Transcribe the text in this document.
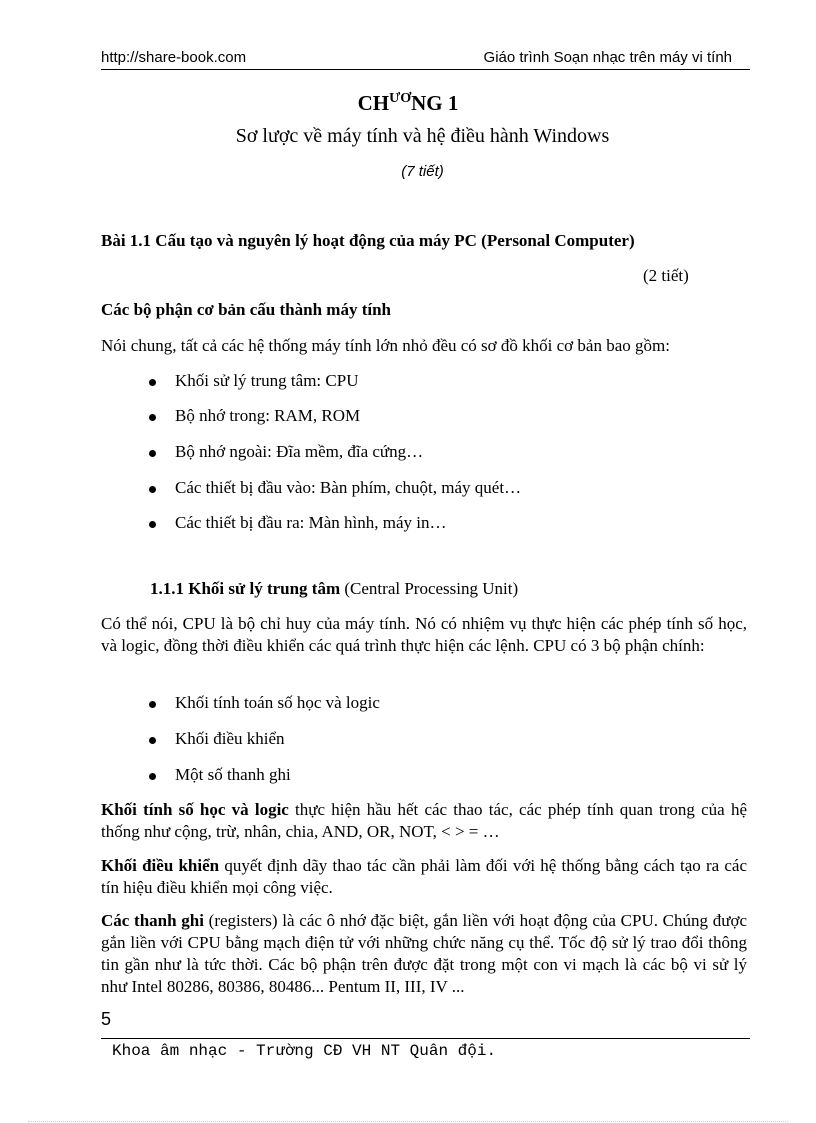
http://share-book.com	Giáo trình Soạn nhạc trên máy vi tính
$CH^{ƯƠ}NG$ 1
Sơ lược về máy tính và hệ điều hành Windows
(7 tiết)
Bài 1.1 Cấu tạo và nguyên lý hoạt động của máy PC (Personal Computer)
(2 tiết)
Các bộ phận cơ bản cấu thành máy tính
Nói chung, tất cả các hệ thống máy tính lớn nhỏ đều có sơ đồ khối cơ bản bao gồm:
Khối sử lý trung tâm: CPU
Bộ nhớ trong: RAM, ROM
Bộ nhớ ngoài: Đĩa mềm, đĩa cứng…
Các thiết bị đầu vào: Bàn phím, chuột, máy quét…
Các thiết bị đầu ra: Màn hình, máy in…
1.1.1 Khối sử lý trung tâm (Central Processing Unit)
Có thể nói, CPU là bộ chỉ huy của máy tính. Nó có nhiệm vụ thực hiện các phép tính số học, và logic, đồng thời điều khiển các quá trình thực hiện các lệnh. CPU có 3 bộ phận chính:
Khối tính toán số học và logic
Khối điều khiển
Một số thanh ghi
Khối tính số học và logic thực hiện hầu hết các thao tác, các phép tính quan trong của hệ thống như cộng, trừ, nhân, chia, AND, OR, NOT, < > = …
Khối điều khiển quyết định dãy thao tác cần phải làm đối với hệ thống bằng cách tạo ra các tín hiệu điều khiển mọi công việc.
Các thanh ghi (registers) là các ô nhớ đặc biệt, gắn liền với hoạt động của CPU. Chúng được gắn liền với CPU bằng mạch điện tử với những chức năng cụ thể. Tốc độ sử lý trao đổi thông tin gần như là tức thời. Các bộ phận trên được đặt trong một con vi mạch là các bộ vi sử lý như Intel 80286, 80386, 80486... Pentum II, III, IV ...
5
Khoa âm nhạc - Trường CĐ VH NT Quân đội.
